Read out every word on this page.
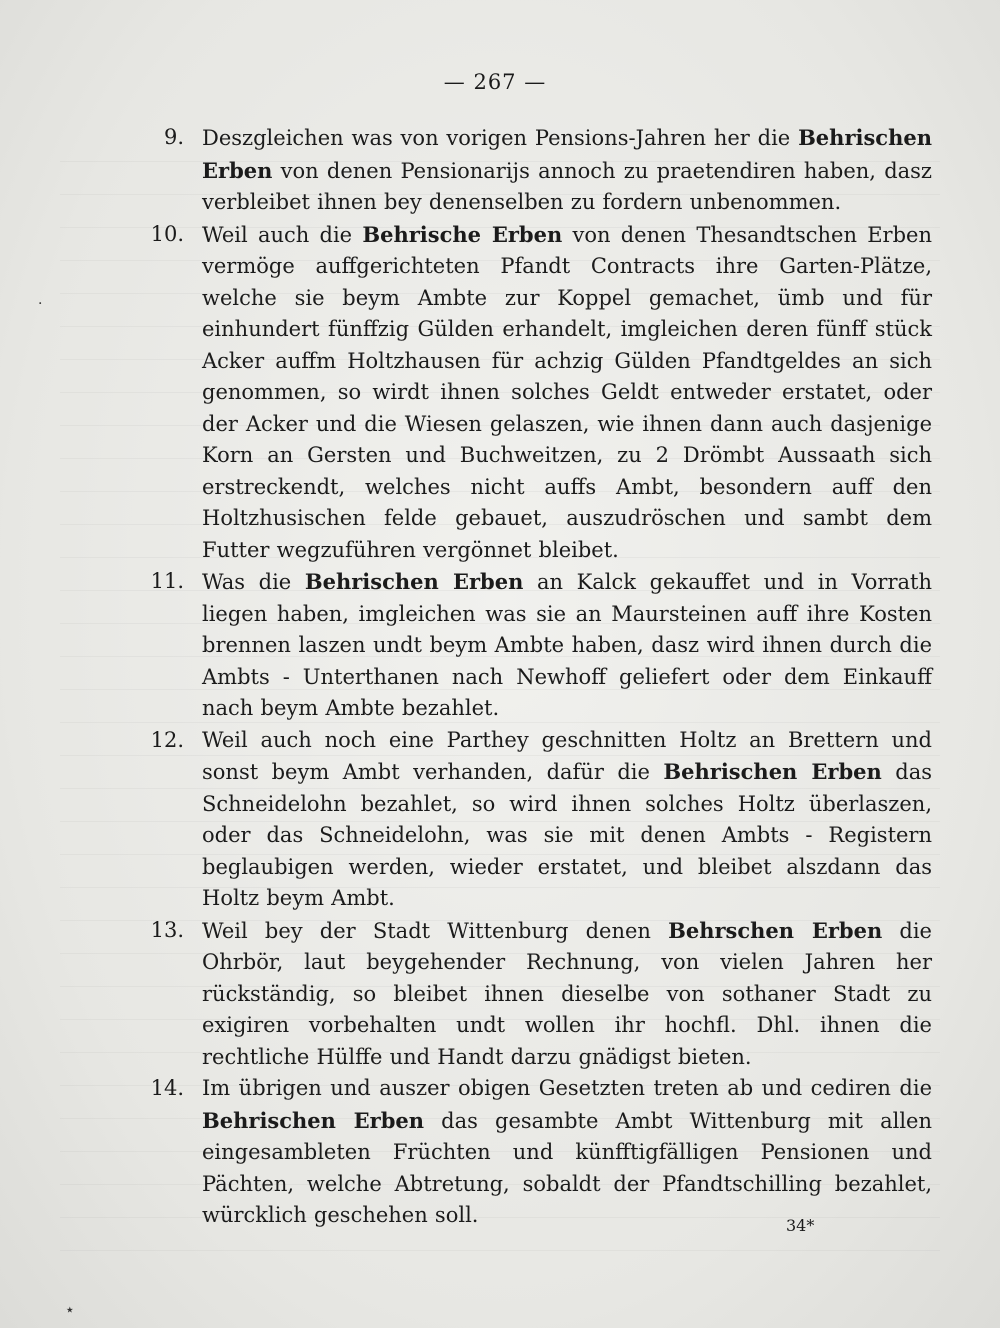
— 267 —
9. Deszgleichen was von vorigen Pensions-Jahren her die Behrischen Erben von denen Pensionarijs annoch zu praetendiren haben, dasz verbleibet ihnen bey denenselben zu fordern unbenommen.
10. Weil auch die Behrische Erben von denen Thesandtschen Erben vermöge auffgerichteten Pfandt Contracts ihre Garten-Plätze, welche sie beym Ambte zur Koppel gemachet, ümb und für einhundert fünffzig Gülden erhandelt, imgleichen deren fünff stück Acker auffm Holtzhausen für achzig Gülden Pfandtgeldes an sich genommen, so wirdt ihnen solches Geldt entweder erstatet, oder der Acker und die Wiesen gelaszen, wie ihnen dann auch dasjenige Korn an Gersten und Buchweitzen, zu 2 Drömbt Aussaath sich erstreckendt, welches nicht auffs Ambt, besondern auff den Holtzhusischen felde gebauet, auszudröschen und sambt dem Futter wegzuführen vergönnet bleibet.
11. Was die Behrischen Erben an Kalck gekauffet und in Vorrath liegen haben, imgleichen was sie an Maursteinen auff ihre Kosten brennen laszen undt beym Ambte haben, dasz wird ihnen durch die Ambts - Unterthanen nach Newhoff geliefert oder dem Einkauff nach beym Ambte bezahlet.
12. Weil auch noch eine Parthey geschnitten Holtz an Brettern und sonst beym Ambt verhanden, dafür die Behrischen Erben das Schneidelohn bezahlet, so wird ihnen solches Holtz überlaszen, oder das Schneidelohn, was sie mit denen Ambts - Registern beglaubigen werden, wieder erstatet, und bleibet alszdann das Holtz beym Ambt.
13. Weil bey der Stadt Wittenburg denen Behrschen Erben die Ohrbör, laut beygehender Rechnung, von vielen Jahren her rückständig, so bleibet ihnen dieselbe von sothaner Stadt zu exigiren vorbehalten undt wollen ihr hochfl. Dhl. ihnen die rechtliche Hülffe und Handt darzu gnädigst bieten.
14. Im übrigen und auszer obigen Gesetzten treten ab und cediren die Behrischen Erben das gesambte Ambt Wittenburg mit allen eingesambleten Früchten und künfftigfälligen Pensionen und Pächten, welche Abtretung, sobaldt der Pfandtschilling bezahlet, würcklich geschehen soll.	34*
·
٭
